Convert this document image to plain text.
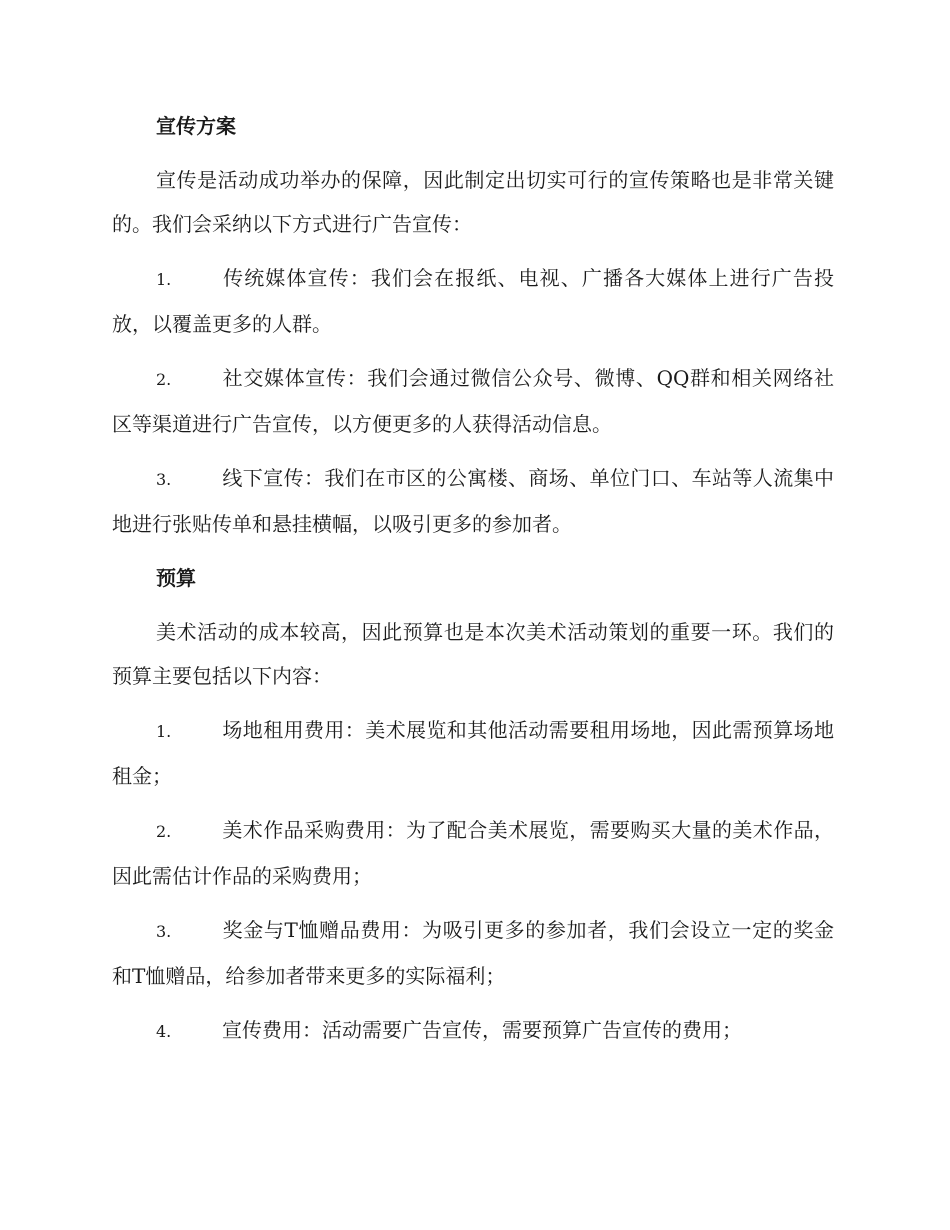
宣传方案

宣传是活动成功举办的保障，因此制定出切实可行的宣传策略也是非常关键的。我们会采纳以下方式进行广告宣传：

1.	传统媒体宣传：我们会在报纸、电视、广播各大媒体上进行广告投放，以覆盖更多的人群。

2.	社交媒体宣传：我们会通过微信公众号、微博、QQ群和相关网络社区等渠道进行广告宣传，以方便更多的人获得活动信息。

3.	线下宣传：我们在市区的公寓楼、商场、单位门口、车站等人流集中地进行张贴传单和悬挂横幅，以吸引更多的参加者。

预算

美术活动的成本较高，因此预算也是本次美术活动策划的重要一环。我们的预算主要包括以下内容：

1.	场地租用费用：美术展览和其他活动需要租用场地，因此需预算场地租金；

2.	美术作品采购费用：为了配合美术展览，需要购买大量的美术作品，因此需估计作品的采购费用；

3.	奖金与T恤赠品费用：为吸引更多的参加者，我们会设立一定的奖金和T恤赠品，给参加者带来更多的实际福利；

4.	宣传费用：活动需要广告宣传，需要预算广告宣传的费用；
